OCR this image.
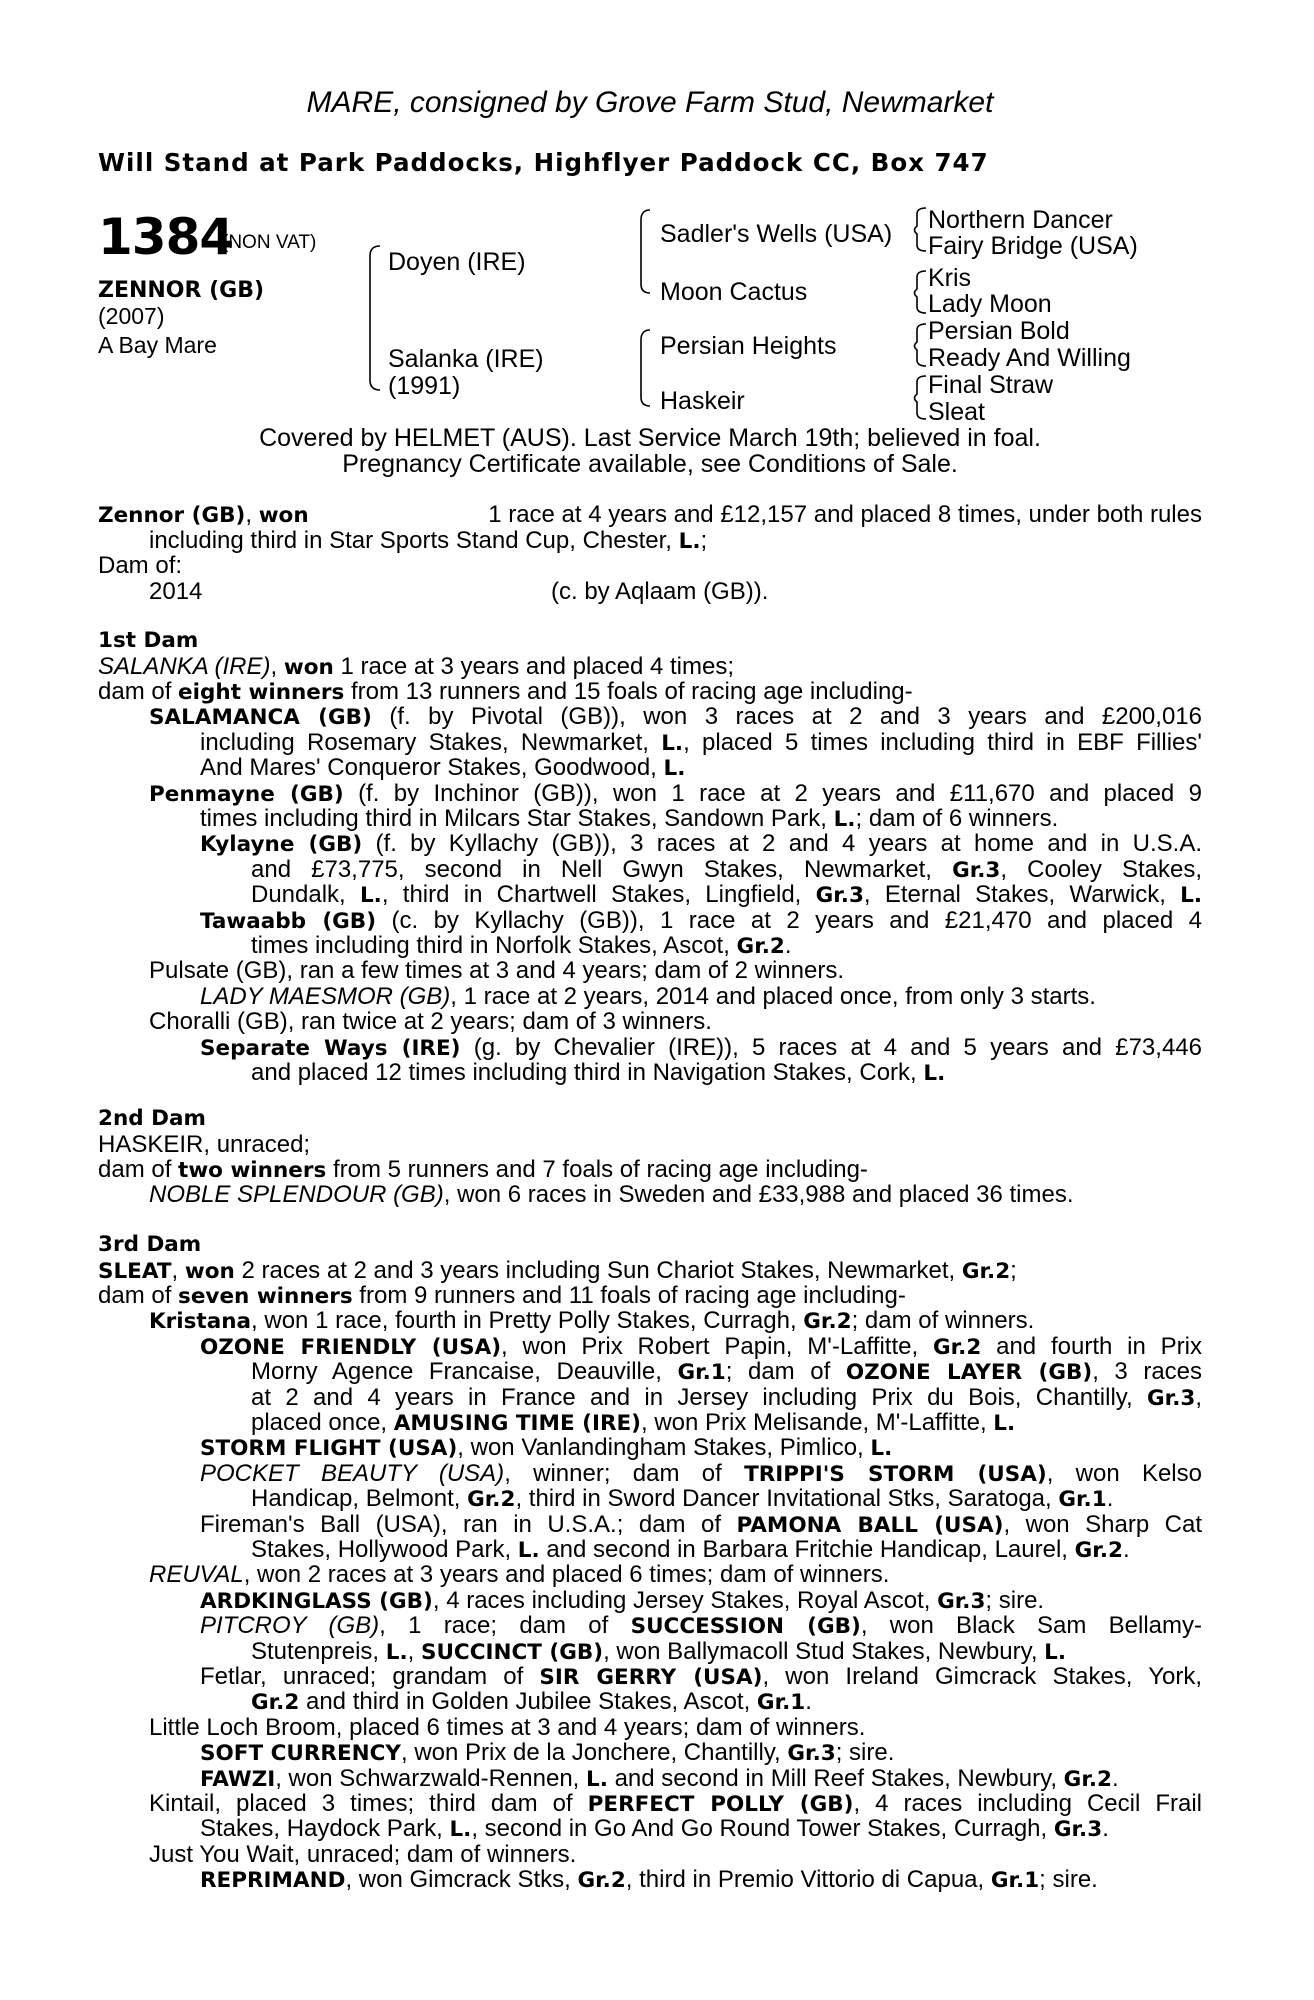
MARE, consigned by Grove Farm Stud, Newmarket
Will Stand at Park Paddocks, Highflyer Paddock CC, Box 747
1384
(NON VAT)
ZENNOR (GB)
(2007)
A Bay Mare
Doyen (IRE)
Salanka (IRE)
(1991)
Sadler's Wells (USA)
Moon Cactus
Persian Heights
Haskeir
Northern Dancer
Fairy Bridge (USA)
Kris
Lady Moon
Persian Bold
Ready And Willing
Final Straw
Sleat
Covered by HELMET (AUS). Last Service March 19th; believed in foal.
Pregnancy Certificate available, see Conditions of Sale.
Zennor (GB), won	1 race at 4 years and £12,157 and placed 8 times, under both rules
including third in Star Sports Stand Cup, Chester, L.;
Dam of:
2014	(c. by Aqlaam (GB)).
1st Dam
SALANKA (IRE), won 1 race at 3 years and placed 4 times;
dam of eight winners from 13 runners and 15 foals of racing age including-
SALAMANCA (GB) (f. by Pivotal (GB)), won 3 races at 2 and 3 years and £200,016
including Rosemary Stakes, Newmarket, L., placed 5 times including third in EBF Fillies'
And Mares' Conqueror Stakes, Goodwood, L.
Penmayne (GB) (f. by Inchinor (GB)), won 1 race at 2 years and £11,670 and placed 9
times including third in Milcars Star Stakes, Sandown Park, L.; dam of 6 winners.
Kylayne (GB) (f. by Kyllachy (GB)), 3 races at 2 and 4 years at home and in U.S.A.
and £73,775, second in Nell Gwyn Stakes, Newmarket, Gr.3, Cooley Stakes,
Dundalk, L., third in Chartwell Stakes, Lingfield, Gr.3, Eternal Stakes, Warwick, L.
Tawaabb (GB) (c. by Kyllachy (GB)), 1 race at 2 years and £21,470 and placed 4
times including third in Norfolk Stakes, Ascot, Gr.2.
Pulsate (GB), ran a few times at 3 and 4 years; dam of 2 winners.
LADY MAESMOR (GB), 1 race at 2 years, 2014 and placed once, from only 3 starts.
Choralli (GB), ran twice at 2 years; dam of 3 winners.
Separate Ways (IRE) (g. by Chevalier (IRE)), 5 races at 4 and 5 years and £73,446
and placed 12 times including third in Navigation Stakes, Cork, L.
2nd Dam
HASKEIR, unraced;
dam of two winners from 5 runners and 7 foals of racing age including-
NOBLE SPLENDOUR (GB), won 6 races in Sweden and £33,988 and placed 36 times.
3rd Dam
SLEAT, won 2 races at 2 and 3 years including Sun Chariot Stakes, Newmarket, Gr.2;
dam of seven winners from 9 runners and 11 foals of racing age including-
Kristana, won 1 race, fourth in Pretty Polly Stakes, Curragh, Gr.2; dam of winners.
OZONE FRIENDLY (USA), won Prix Robert Papin, M'-Laffitte, Gr.2 and fourth in Prix
Morny Agence Francaise, Deauville, Gr.1; dam of OZONE LAYER (GB), 3 races
at 2 and 4 years in France and in Jersey including Prix du Bois, Chantilly, Gr.3,
placed once, AMUSING TIME (IRE), won Prix Melisande, M'-Laffitte, L.
STORM FLIGHT (USA), won Vanlandingham Stakes, Pimlico, L.
POCKET BEAUTY (USA), winner; dam of TRIPPI'S STORM (USA), won Kelso
Handicap, Belmont, Gr.2, third in Sword Dancer Invitational Stks, Saratoga, Gr.1.
Fireman's Ball (USA), ran in U.S.A.; dam of PAMONA BALL (USA), won Sharp Cat
Stakes, Hollywood Park, L. and second in Barbara Fritchie Handicap, Laurel, Gr.2.
REUVAL, won 2 races at 3 years and placed 6 times; dam of winners.
ARDKINGLASS (GB), 4 races including Jersey Stakes, Royal Ascot, Gr.3; sire.
PITCROY (GB), 1 race; dam of SUCCESSION (GB), won Black Sam Bellamy-
Stutenpreis, L., SUCCINCT (GB), won Ballymacoll Stud Stakes, Newbury, L.
Fetlar, unraced; grandam of SIR GERRY (USA), won Ireland Gimcrack Stakes, York,
Gr.2 and third in Golden Jubilee Stakes, Ascot, Gr.1.
Little Loch Broom, placed 6 times at 3 and 4 years; dam of winners.
SOFT CURRENCY, won Prix de la Jonchere, Chantilly, Gr.3; sire.
FAWZI, won Schwarzwald-Rennen, L. and second in Mill Reef Stakes, Newbury, Gr.2.
Kintail, placed 3 times; third dam of PERFECT POLLY (GB), 4 races including Cecil Frail
Stakes, Haydock Park, L., second in Go And Go Round Tower Stakes, Curragh, Gr.3.
Just You Wait, unraced; dam of winners.
REPRIMAND, won Gimcrack Stks, Gr.2, third in Premio Vittorio di Capua, Gr.1; sire.
